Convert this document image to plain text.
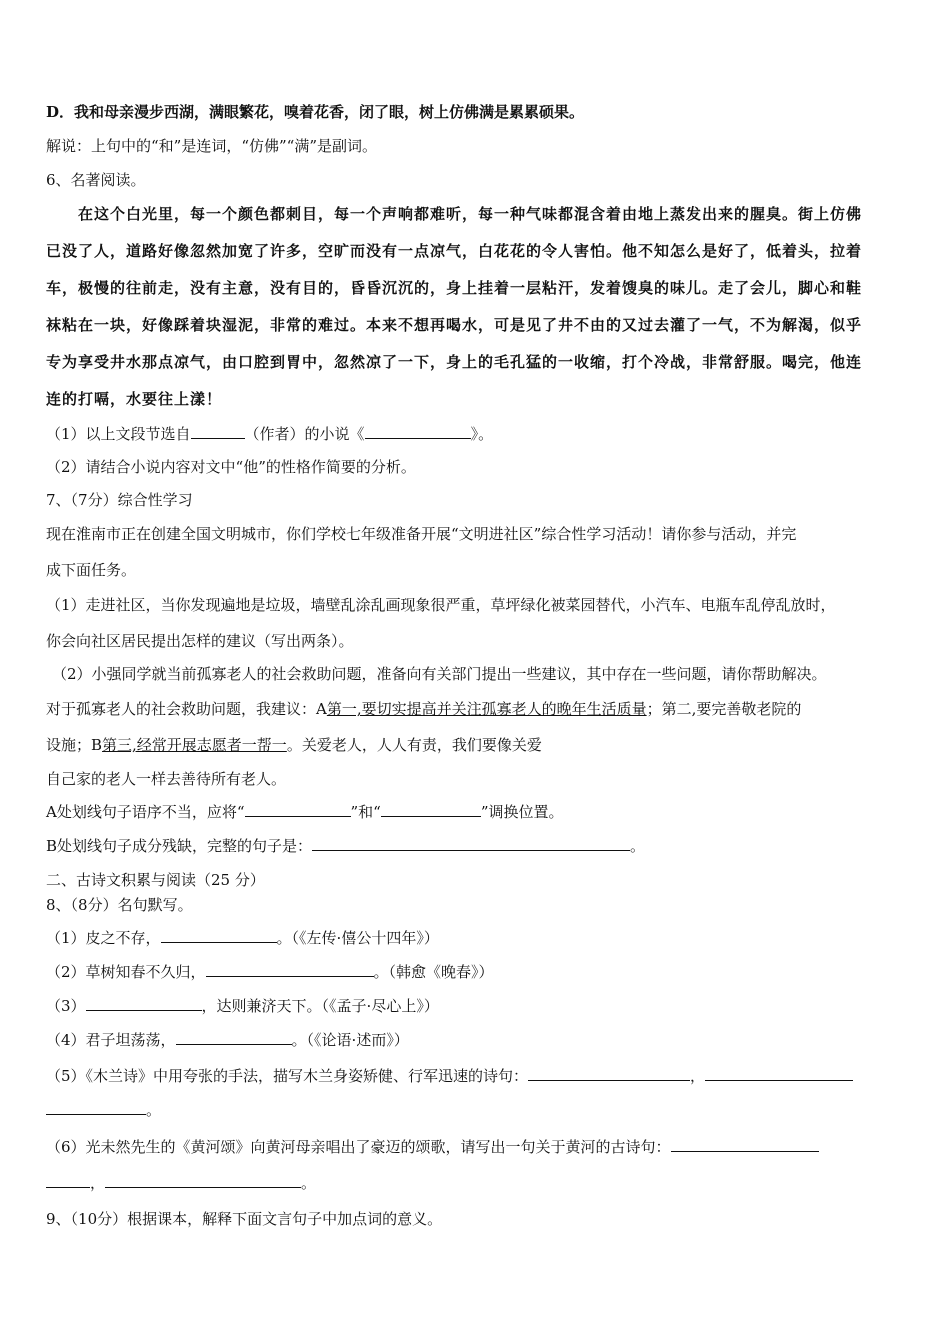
D．我和母亲漫步西湖，满眼繁花，嗅着花香，闭了眼，树上仿佛满是累累硕果。
解说：上句中的“和”是连词，“仿佛”“满”是副词。
6、名著阅读。
在这个白光里，每一个颜色都刺目，每一个声响都难听，每一种气味都混含着由地上蒸发出来的腥臭。街上仿佛
已没了人，道路好像忽然加宽了许多，空旷而没有一点凉气，白花花的令人害怕。他不知怎么是好了，低着头，拉着
车，极慢的往前走，没有主意，没有目的，昏昏沉沉的，身上挂着一层粘汗，发着馊臭的味儿。走了会儿，脚心和鞋
袜粘在一块，好像踩着块湿泥，非常的难过。本来不想再喝水，可是见了井不由的又过去灌了一气，不为解渴，似乎
专为享受井水那点凉气，由口腔到胃中，忽然凉了一下，身上的毛孔猛的一收缩，打个冷战，非常舒服。喝完，他连
连的打嗝，水要往上漾！
（1）以上文段节选自	（作者）的小说《	》。
（2）请结合小说内容对文中“他”的性格作简要的分析。
7、（7分）综合性学习
现在淮南市正在创建全国文明城市，你们学校七年级准备开展“文明进社区”综合性学习活动！请你参与活动，并完
成下面任务。
（1）走进社区，当你发现遍地是垃圾，墙壁乱涂乱画现象很严重，草坪绿化被菜园替代，小汽车、电瓶车乱停乱放时，
你会向社区居民提出怎样的建议（写出两条）。
（2）小强同学就当前孤寡老人的社会救助问题，准备向有关部门提出一些建议，其中存在一些问题，请你帮助解决。
对于孤寡老人的社会救助问题，我建议：A第一,要切实提高并关注孤寡老人的晚年生活质量；第二,要完善敬老院的
设施；B第三,经常开展志愿者一帮一。关爱老人，人人有责，我们要像关爱
自己家的老人一样去善待所有老人。
A处划线句子语序不当，应将“	”和“	”调换位置。
B处划线句子成分残缺，完整的句子是：	。
二、古诗文积累与阅读（25 分）
8、（8分）名句默写。
（1）皮之不存，	。（《左传·僖公十四年》）
（2）草树知春不久归，	。（韩愈《晚春》）
（3）	，达则兼济天下。（《孟子·尽心上》）
（4）君子坦荡荡，	。（《论语·述而》）
（5）《木兰诗》中用夸张的手法，描写木兰身姿矫健、行军迅速的诗句：	，
。
（6）光未然先生的《黄河颂》向黄河母亲唱出了豪迈的颂歌，请写出一句关于黄河的古诗句：
，	。
9、（10分）根据课本，解释下面文言句子中加点词的意义。
